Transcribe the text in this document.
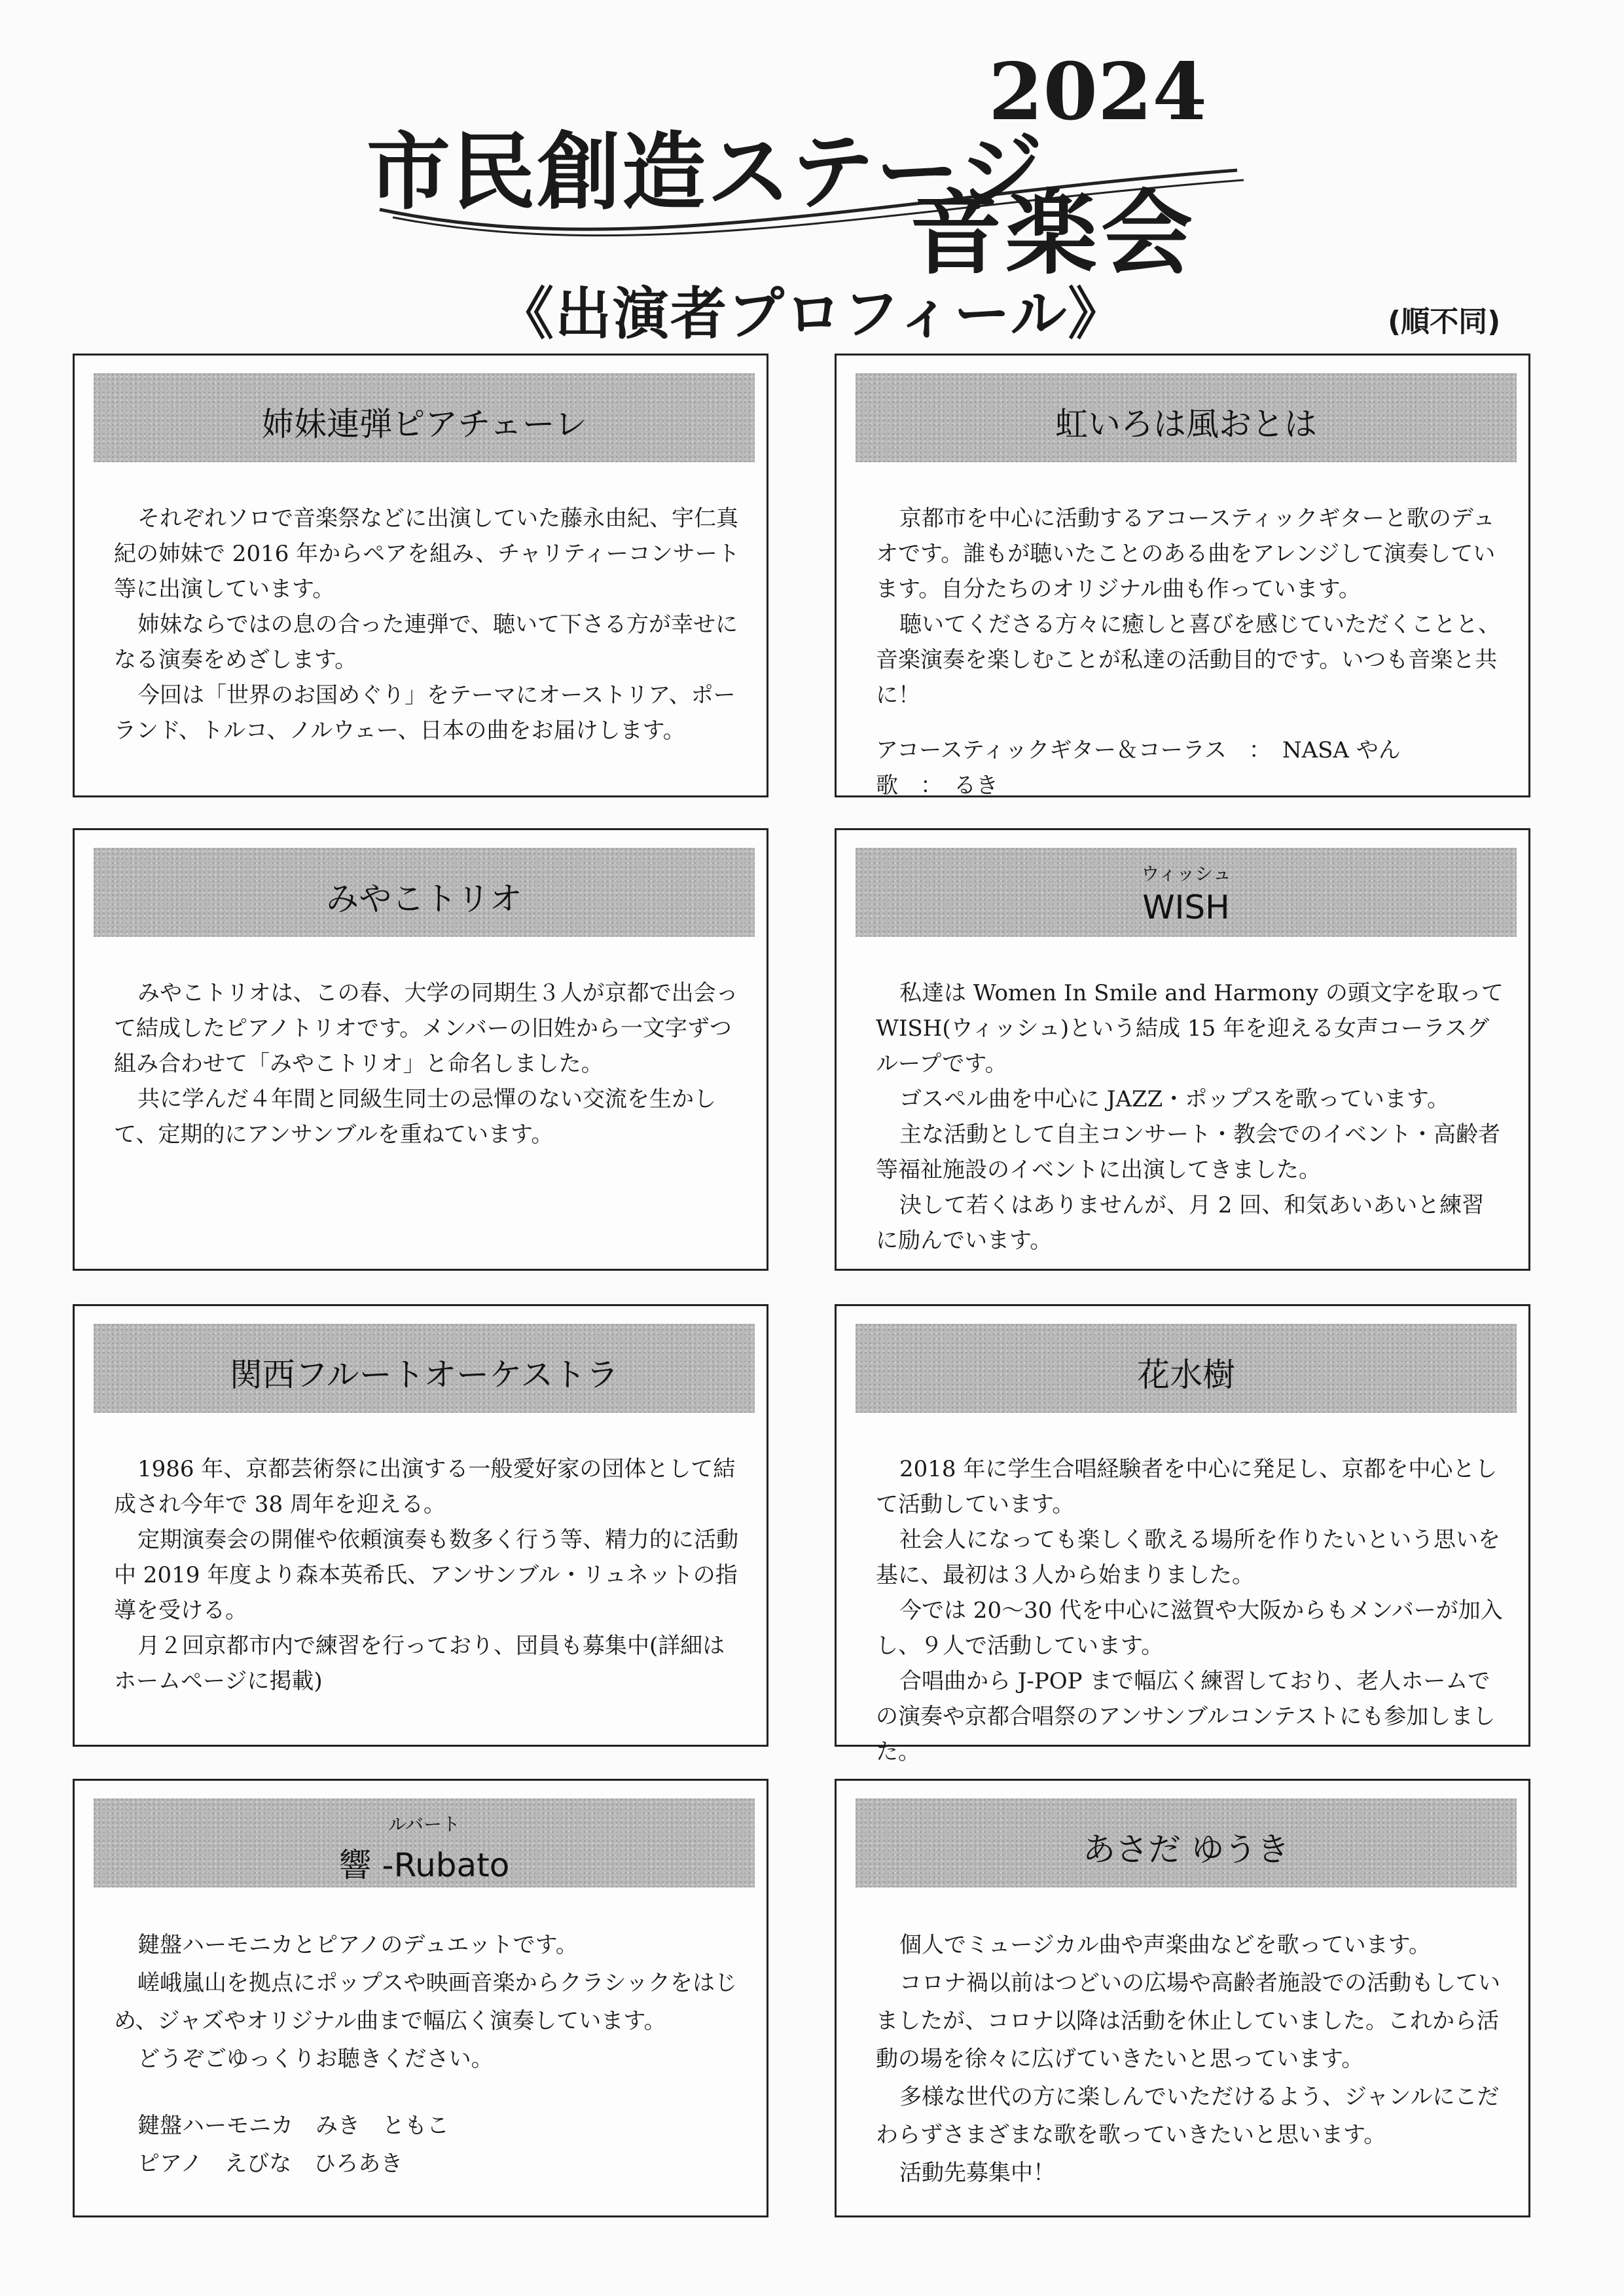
市民創造ステージ
2024
音楽会
《出演者プロフィール》	(順不同)
姉妹連弾ピアチェーレ

それぞれソロで音楽祭などに出演していた藤永由紀、宇仁真紀の姉妹で 2016 年からペアを組み、チャリティーコンサート等に出演しています。

姉妹ならではの息の合った連弾で、聴いて下さる方が幸せになる演奏をめざします。

今回は「世界のお国めぐり」をテーマにオーストリア、ポーランド、トルコ、ノルウェー、日本の曲をお届けします。

虹いろは風おとは

京都市を中心に活動するアコースティックギターと歌のデュオです。誰もが聴いたことのある曲をアレンジして演奏しています。自分たちのオリジナル曲も作っています。

聴いてくださる方々に癒しと喜びを感じていただくことと、音楽演奏を楽しむことが私達の活動目的です。いつも音楽と共に！

アコースティックギター＆コーラス　：　NASA やん

歌　：　るき

みやこトリオ

みやこトリオは、この春、大学の同期生３人が京都で出会って結成したピアノトリオです。メンバーの旧姓から一文字ずつ組み合わせて「みやこトリオ」と命名しました。

共に学んだ４年間と同級生同士の忌憚のない交流を生かして、定期的にアンサンブルを重ねています。

ウィッシュ
WISH

私達は Women In Smile and Harmony の頭文字を取って WISH(ウィッシュ)という結成 15 年を迎える女声コーラスグループです。

ゴスペル曲を中心に JAZZ・ポップスを歌っています。

主な活動として自主コンサート・教会でのイベント・高齢者等福祉施設のイベントに出演してきました。

決して若くはありませんが、月 2 回、和気あいあいと練習に励んでいます。

関西フルートオーケストラ

1986 年、京都芸術祭に出演する一般愛好家の団体として結成され今年で 38 周年を迎える。

定期演奏会の開催や依頼演奏も数多く行う等、精力的に活動中 2019 年度より森本英希氏、アンサンブル・リュネットの指導を受ける。

月２回京都市内で練習を行っており、団員も募集中(詳細はホームページに掲載)

花水樹

2018 年に学生合唱経験者を中心に発足し、京都を中心として活動しています。

社会人になっても楽しく歌える場所を作りたいという思いを基に、最初は３人から始まりました。

今では 20～30 代を中心に滋賀や大阪からもメンバーが加入し、９人で活動しています。

合唱曲から J-POP まで幅広く練習しており、老人ホームでの演奏や京都合唱祭のアンサンブルコンテストにも参加しました。

ルバート
響 -Rubato

鍵盤ハーモニカとピアノのデュエットです。

嵯峨嵐山を拠点にポップスや映画音楽からクラシックをはじめ、ジャズやオリジナル曲まで幅広く演奏しています。

どうぞごゆっくりお聴きください。

鍵盤ハーモニカ　みき　ともこ

ピアノ　えびな　ひろあき

あさだ ゆうき

個人でミュージカル曲や声楽曲などを歌っています。

コロナ禍以前はつどいの広場や高齢者施設での活動もしていましたが、コロナ以降は活動を休止していました。これから活動の場を徐々に広げていきたいと思っています。

多様な世代の方に楽しんでいただけるよう、ジャンルにこだわらずさまざまな歌を歌っていきたいと思います。

活動先募集中！
